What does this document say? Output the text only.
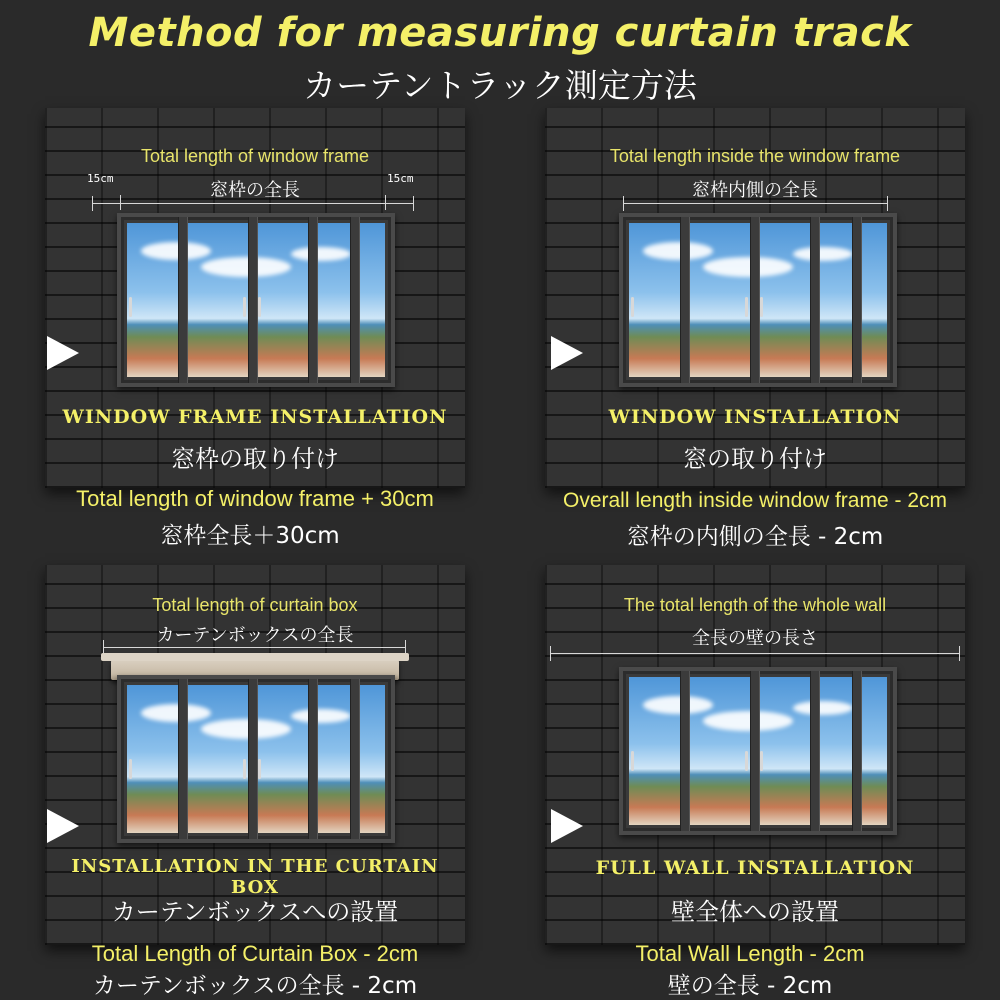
Method for measuring curtain track
カーテントラック測定方法
Total length of window frame
15cm	15cm
窓枠の全長
WINDOW FRAME INSTALLATION
窓枠の取り付け
Total length of window frame + 30cm
窓枠全長＋30cm
Total length inside the window frame
窓枠内側の全長
WINDOW INSTALLATION
窓の取り付け
Overall length inside window frame - 2cm
窓枠の内側の全長 - 2cm
Total length of curtain box
カーテンボックスの全長
INSTALLATION IN THE CURTAIN BOX
カーテンボックスへの設置
Total Length of Curtain Box - 2cm
カーテンボックスの全長 - 2cm
The total length of the whole wall
全長の壁の長さ
FULL WALL INSTALLATION
壁全体への設置
Total Wall Length - 2cm
壁の全長 - 2cm
